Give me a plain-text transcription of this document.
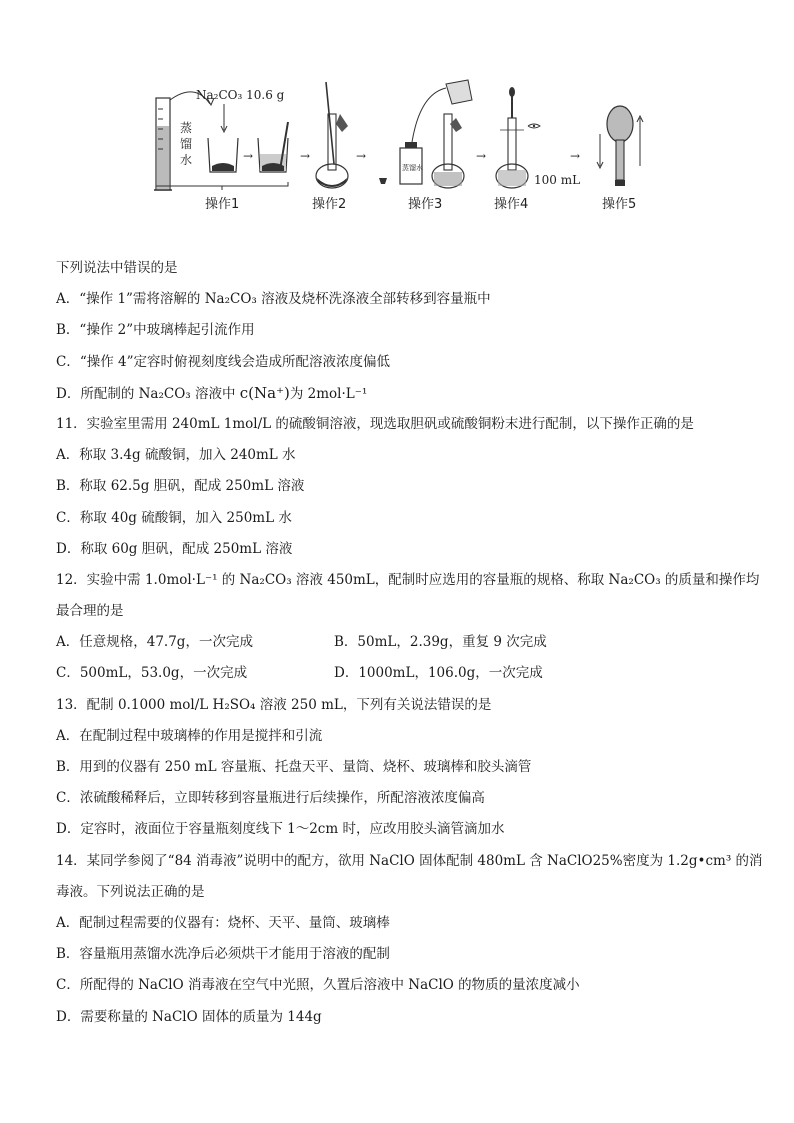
蒸
馏
水
Na₂CO₃ 10.6 g
→
操作1
→
操作2
→
蒸馏水
操作3
→
100 mL
操作4
→
操作5
下列说法中错误的是
A．“操作 1”需将溶解的 Na₂CO₃ 溶液及烧杯洗涤液全部转移到容量瓶中
B．“操作 2”中玻璃棒起引流作用
C．“操作 4”定容时俯视刻度线会造成所配溶液浓度偏低
D．所配制的 Na₂CO₃ 溶液中 c(Na⁺)为 2mol·L⁻¹
11．实验室里需用 240mL 1mol/L 的硫酸铜溶液，现选取胆矾或硫酸铜粉末进行配制，以下操作正确的是
A．称取 3.4g 硫酸铜，加入 240mL 水
B．称取 62.5g 胆矾，配成 250mL 溶液
C．称取 40g 硫酸铜，加入 250mL 水
D．称取 60g 胆矾，配成 250mL 溶液
12．实验中需 1.0mol·L⁻¹ 的 Na₂CO₃ 溶液 450mL，配制时应选用的容量瓶的规格、称取 Na₂CO₃ 的质量和操作均
最合理的是
A．任意规格，47.7g，一次完成	B．50mL，2.39g，重复 9 次完成
C．500mL，53.0g，一次完成	D．1000mL，106.0g，一次完成
13．配制 0.1000 mol/L H₂SO₄ 溶液 250 mL，下列有关说法错误的是
A．在配制过程中玻璃棒的作用是搅拌和引流
B．用到的仪器有 250 mL 容量瓶、托盘天平、量筒、烧杯、玻璃棒和胶头滴管
C．浓硫酸稀释后，立即转移到容量瓶进行后续操作，所配溶液浓度偏高
D．定容时，液面位于容量瓶刻度线下 1～2cm 时，应改用胶头滴管滴加水
14．某同学参阅了“84 消毒液”说明中的配方，欲用 NaClO 固体配制 480mL 含 NaClO25%密度为 1.2g•cm³ 的消
毒液。下列说法正确的是
A．配制过程需要的仪器有：烧杯、天平、量筒、玻璃棒
B．容量瓶用蒸馏水洗净后必须烘干才能用于溶液的配制
C．所配得的 NaClO 消毒液在空气中光照，久置后溶液中 NaClO 的物质的量浓度减小
D．需要称量的 NaClO 固体的质量为 144g
